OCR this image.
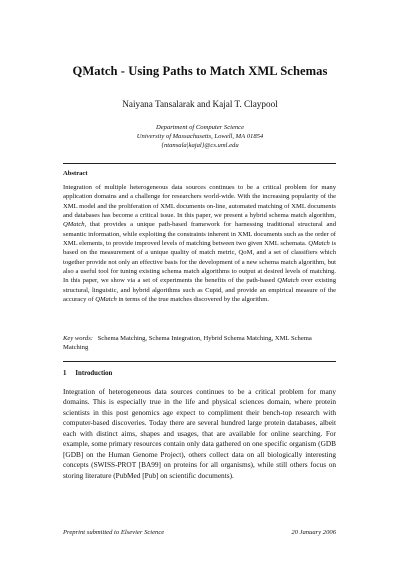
QMatch - Using Paths to Match XML Schemas
Naiyana Tansalarak and Kajal T. Claypool
Department of Computer Science
University of Massachusetts, Lowell, MA 01854
{ntansala|kajal}@cs.uml.edu
Abstract
Integration of multiple heterogeneous data sources continues to be a critical problem for many application domains and a challenge for researchers world-wide. With the increasing popularity of the XML model and the proliferation of XML documents on-line, automated matching of XML documents and databases has become a critical issue. In this paper, we present a hybrid schema match algorithm, QMatch, that provides a unique path-based framework for harnessing traditional structural and semantic information, while exploiting the constraints inherent in XML documents such as the order of XML elements, to provide improved levels of matching between two given XML schemata. QMatch is based on the measurement of a unique quality of match metric, QoM, and a set of classifiers which together provide not only an effective basis for the development of a new schema match algorithm, but also a useful tool for tuning existing schema match algorithms to output at desired levels of matching. In this paper, we show via a set of experiments the benefits of the path-based QMatch over existing structural, linguistic, and hybrid algorithms such as Cupid, and provide an empirical measure of the accuracy of QMatch in terms of the true matches discovered by the algorithm.
Key words: Schema Matching, Schema Integration, Hybrid Schema Matching, XML Schema Matching
1 Introduction
Integration of heterogeneous data sources continues to be a critical problem for many domains. This is especially true in the life and physical sciences domain, where protein scientists in this post genomics age expect to compliment their bench-top research with computer-based discoveries. Today there are several hundred large protein databases, albeit each with distinct aims, shapes and usages, that are available for online searching. For example, some primary resources contain only data gathered on one specific organism (GDB [GDB] on the Human Genome Project), others collect data on all biologically interesting concepts (SWISS-PROT [BA99] on proteins for all organisms), while still others focus on storing literature (PubMed [Pub] on scientific documents).
Preprint submitted to Elsevier Science	20 January 2006
